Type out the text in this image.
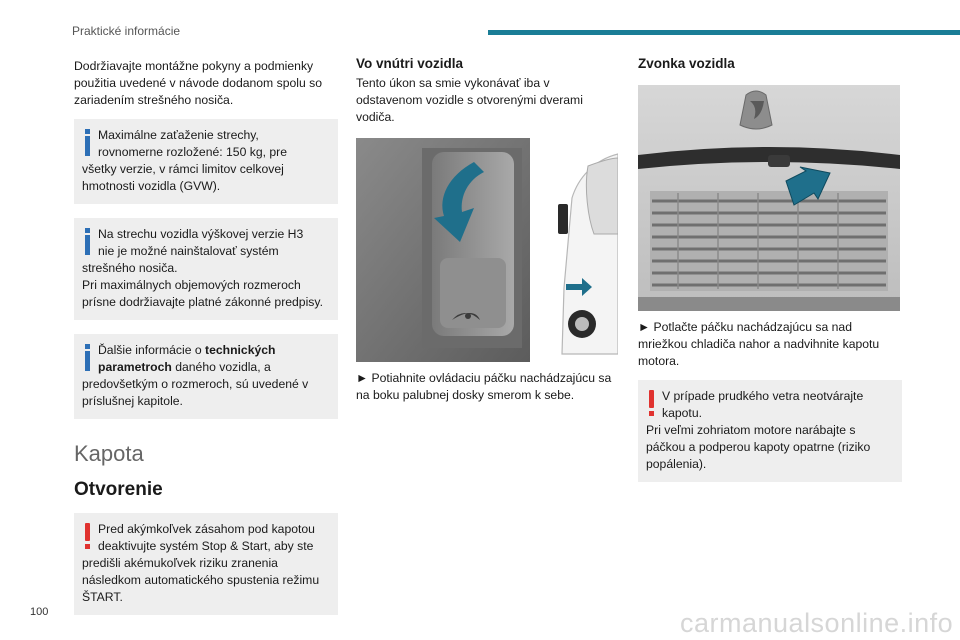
Praktické informácie

Dodržiavajte montážne pokyny a podmienky použitia uvedené v návode dodanom spolu so zariadením strešného nosiča.

Maximálne zaťaženie strechy,
rovnomerne rozložené: 150 kg, pre
všetky verzie, v rámci limitov celkovej hmotnosti vozidla (GVW).
Na strechu vozidla výškovej verzie H3
nie je možné nainštalovať systém
strešného nosiča.
Pri maximálnych objemových rozmeroch prísne dodržiavajte platné zákonné predpisy.
Ďalšie informácie o technických
parametroch daného vozidla, a
predovšetkým o rozmeroch, sú uvedené v príslušnej kapitole.
Kapota
Otvorenie
Pred akýmkoľvek zásahom pod kapotou
deaktivujte systém Stop & Start, aby ste
predišli akémukoľvek riziku zranenia následkom automatického spustenia režimu ŠTART.
Vo vnútri vozidla

Tento úkon sa smie vykonávať iba v odstavenom vozidle s otvorenými dverami vodiča.

► Potiahnite ovládaciu páčku nachádzajúcu sa na boku palubnej dosky smerom k sebe.

Zvonka vozidla

► Potlačte páčku nachádzajúcu sa nad mriežkou chladiča nahor a nadvihnite kapotu motora.

V prípade prudkého vetra neotvárajte
kapotu.
Pri veľmi zohriatom motore narábajte s páčkou a podperou kapoty opatrne (riziko popálenia).
100	carmanualsonline.info
